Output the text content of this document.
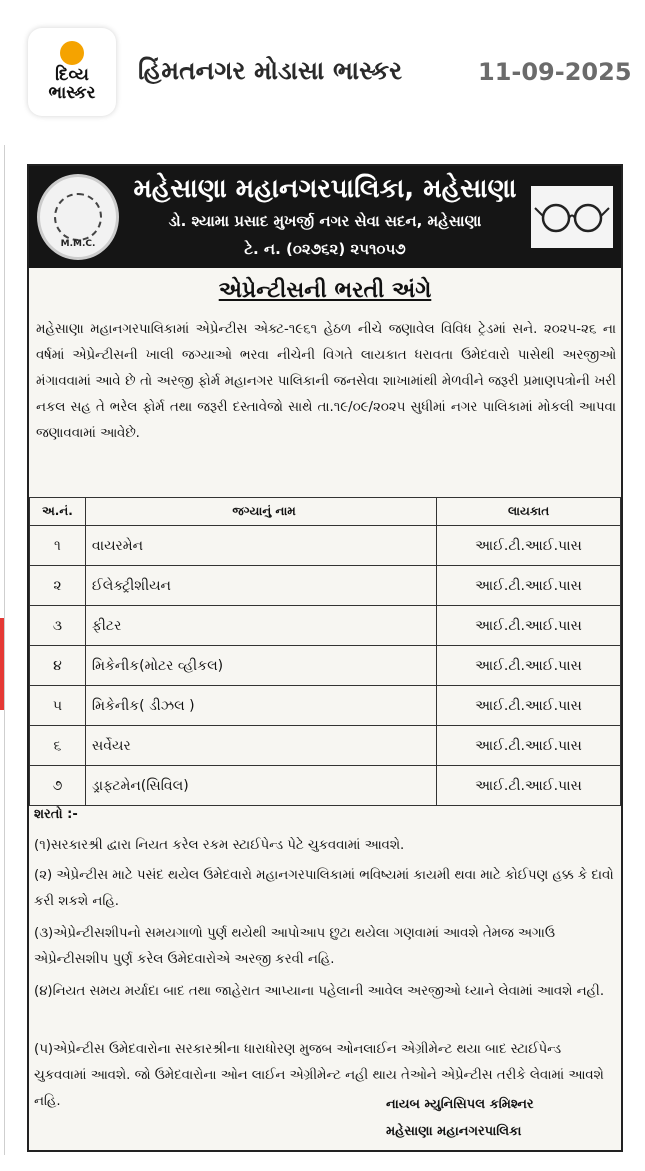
દિવ્ય
ભાસ્કર
હિંમતનગર મોડાસા ભાસ્કર	11-09-2025
M.M.C.
મહેસાણા મહાનગરપાલિકા, મહેસાણા
ડો. શ્યામા પ્રસાદ મુખર્જી નગર સેવા સદન, મહેસાણા
ટે. ન. (૦૨૭૬૨) ૨૫૧૦૫૭
એપ્રેન્ટીસની ભરતી અંગે

મહેસાણા મહાનગરપાલિકામાં એપ્રેન્ટીસ એક્ટ-૧૯૬૧ હેઠળ નીચે જણાવેલ વિવિધ ટ્રેડમાં સને. ૨૦૨૫-૨૬ ના વર્ષમાં એપ્રેન્ટીસની ખાલી જગ્યાઓ ભરવા નીચેની વિગતે લાયકાત ધરાવતા ઉમેદવારો પાસેથી અરજીઓ મંગાવવામાં આવે છે તો અરજી ફોર્મ મહાનગર પાલિકાની જનસેવા શાખામાંથી મેળવીને જરૂરી પ્રમાણપત્રોની ખરી નકલ સહ તે ભરેલ ફોર્મ તથા જરૂરી દસ્તાવેજો સાથે તા.૧૯/૦૯/૨૦૨૫ સુધીમાં નગર પાલિકામાં મોકલી આપવા જણાવવામાં આવેછે.

અ.નં.	જગ્યાનું નામ	લાયકાત
૧	વાયરમેન	આઈ.ટી.આઈ.પાસ
૨	ઈલેક્ટ્રીશીયન	આઈ.ટી.આઈ.પાસ
૩	ફીટર	આઈ.ટી.આઈ.પાસ
૪	મિકેનીક(મોટર વ્હીકલ)	આઈ.ટી.આઈ.પાસ
૫	મિકેનીક( ડીઝલ )	આઈ.ટી.આઈ.પાસ
૬	સર્વેયર	આઈ.ટી.આઈ.પાસ
૭	ડ્રાફ્ટમેન(સિવિલ)	આઈ.ટી.આઈ.પાસ
શરતો :-

(૧)સરકારશ્રી દ્વારા નિયત કરેલ રકમ સ્ટાઈપેન્ડ પેટે ચુકવવામાં આવશે.

(૨) એપ્રેન્ટીસ માટે પસંદ થયેલ ઉમેદવારો મહાનગરપાલિકામાં ભવિષ્યમાં કાયમી થવા માટે કોઈપણ હક્ક કે દાવો કરી શકશે નહિ.

(૩)એપ્રેન્ટીસશીપનો સમયગાળો પુર્ણ થયેથી આપોઆપ છુટા થયેલા ગણવામાં આવશે તેમજ અગાઉ એપ્રેન્ટીસશીપ પુર્ણ કરેલ ઉમેદવારોએ અરજી કરવી નહિ.

(૪)નિયત સમય મર્યાદા બાદ તથા જાહેરાત આપ્યાના પહેલાની આવેલ અરજીઓ ધ્યાને લેવામાં આવશે નહી.

(૫)એપ્રેન્ટીસ ઉમેદવારોના સરકારશ્રીના ધારાધોરણ મુજબ ઓનલાઈન એગ્રીમેન્ટ થયા બાદ સ્ટાઈપેન્ડ ચુકવવામાં આવશે. જો ઉમેદવારોના ઓન લાઈન એગ્રીમેન્ટ નહી થાય તેઓને એપ્રેન્ટીસ તરીકે લેવામાં આવશે નહિ.	નાયબ મ્યુનિસિપલ કમિશ્નર
મહેસાણા મહાનગરપાલિકા
